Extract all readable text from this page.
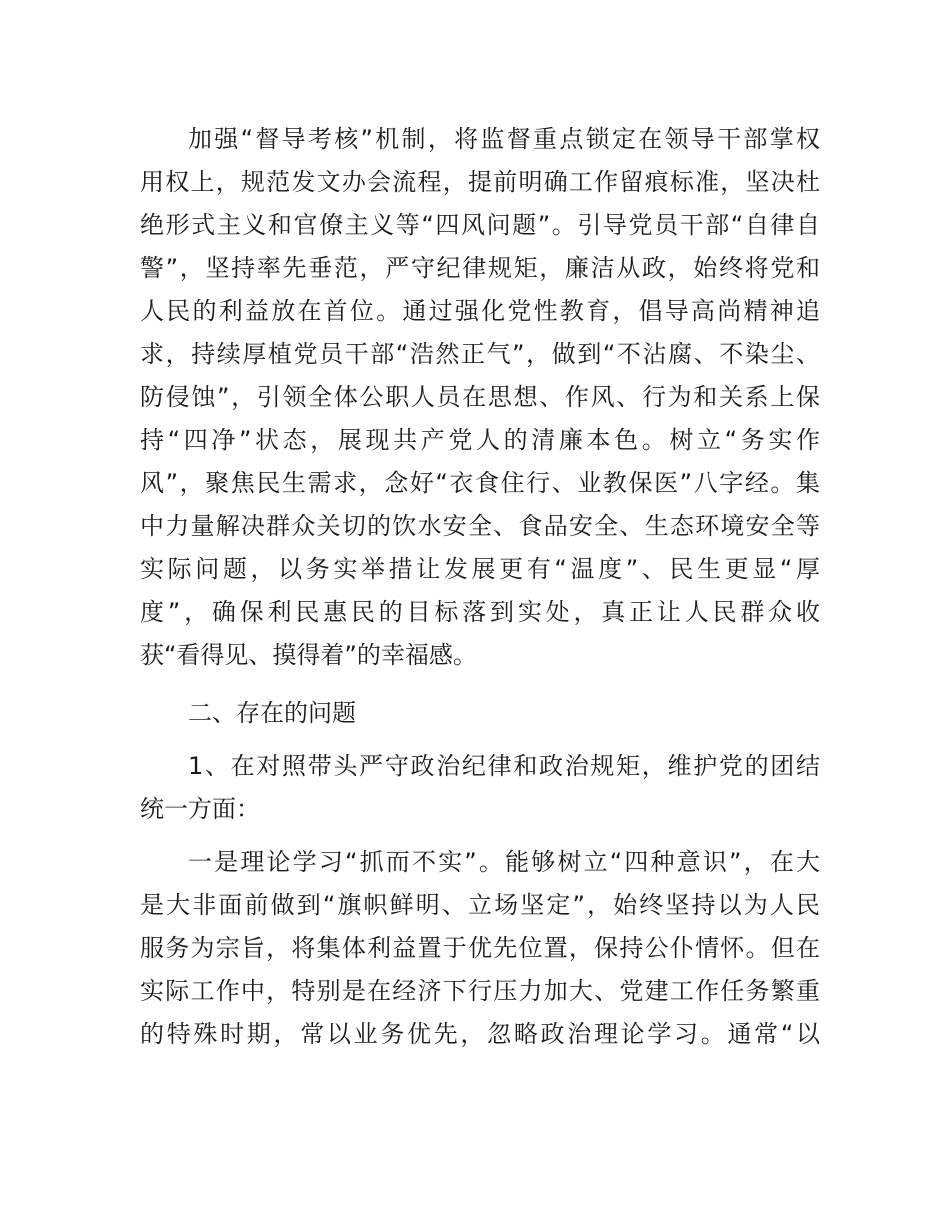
加强“督导考核”机制，将监督重点锁定在领导干部掌权
用权上，规范发文办会流程，提前明确工作留痕标准，坚决杜
绝形式主义和官僚主义等“四风问题”。引导党员干部“自律自
警”，坚持率先垂范，严守纪律规矩，廉洁从政，始终将党和
人民的利益放在首位。通过强化党性教育，倡导高尚精神追
求，持续厚植党员干部“浩然正气”，做到“不沾腐、不染尘、
防侵蚀”，引领全体公职人员在思想、作风、行为和关系上保
持“四净”状态，展现共产党人的清廉本色。树立“务实作
风”，聚焦民生需求，念好“衣食住行、业教保医”八字经。集
中力量解决群众关切的饮水安全、食品安全、生态环境安全等
实际问题，以务实举措让发展更有“温度”、民生更显“厚
度”，确保利民惠民的目标落到实处，真正让人民群众收
获“看得见、摸得着”的幸福感。
二、存在的问题
1、在对照带头严守政治纪律和政治规矩，维护党的团结
统一方面：
一是理论学习“抓而不实”。能够树立“四种意识”，在大
是大非面前做到“旗帜鲜明、立场坚定”，始终坚持以为人民
服务为宗旨，将集体利益置于优先位置，保持公仆情怀。但在
实际工作中，特别是在经济下行压力加大、党建工作任务繁重
的特殊时期，常以业务优先，忽略政治理论学习。通常“以
